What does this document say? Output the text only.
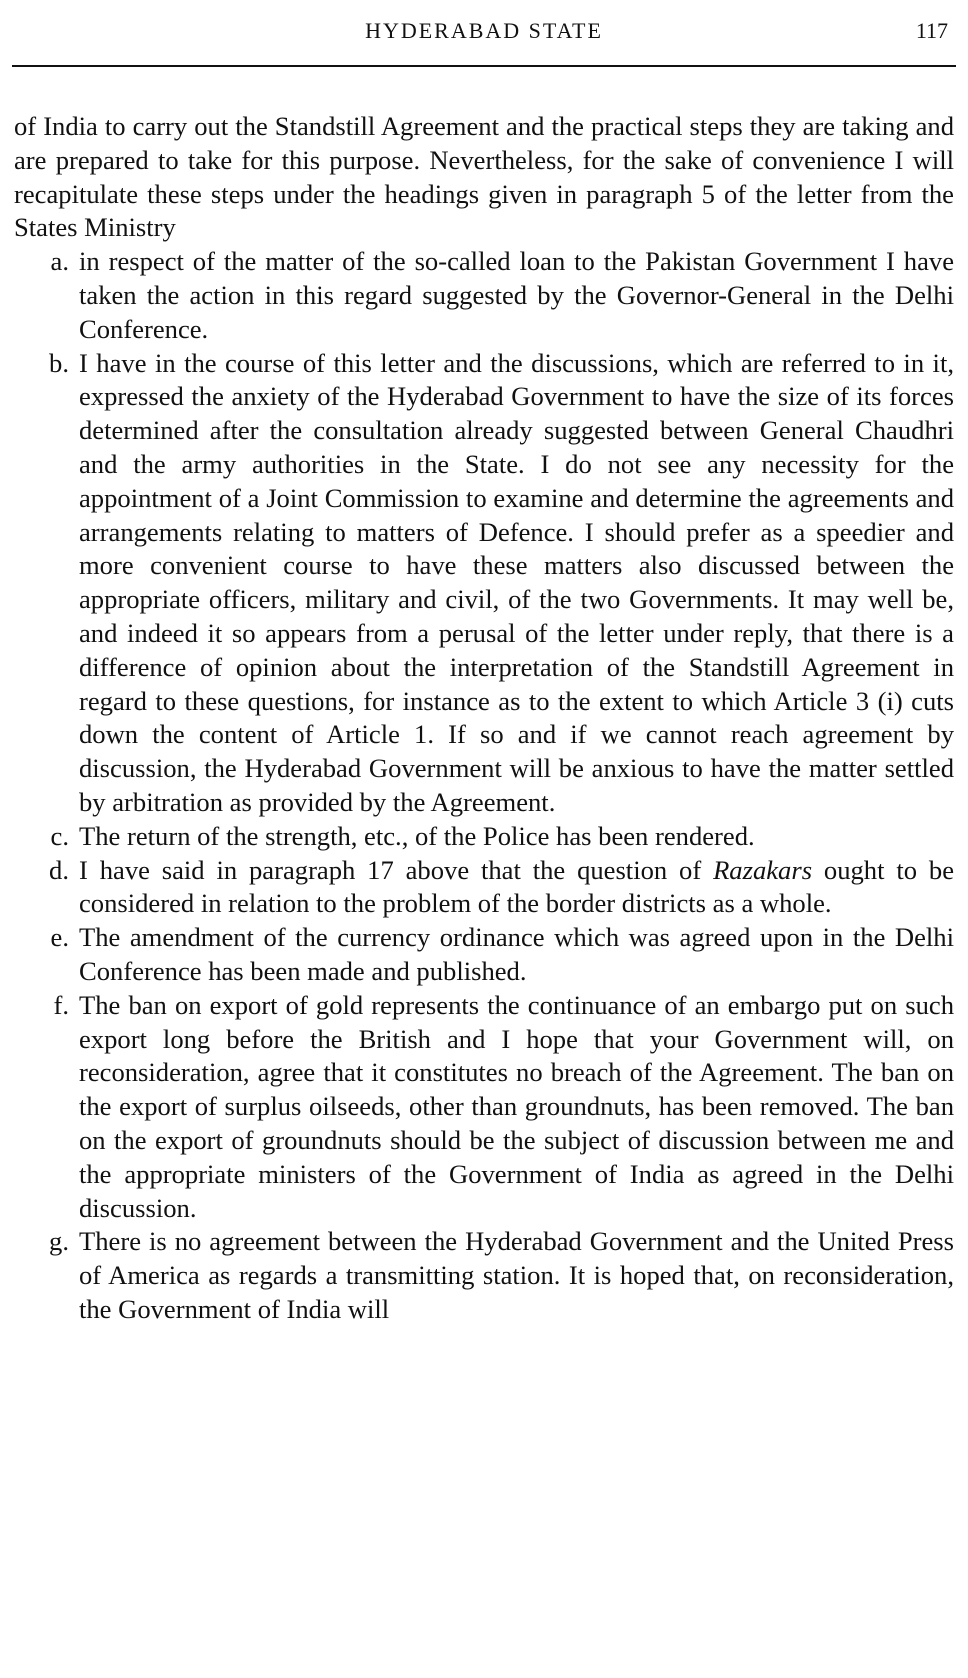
HYDERABAD STATE	117

of India to carry out the Standstill Agreement and the practical steps they are taking and are prepared to take for this purpose. Nevertheless, for the sake of convenience I will recapitulate these steps under the headings given in paragraph 5 of the letter from the States Ministry

a. in respect of the matter of the so-called loan to the Pakistan Government I have taken the action in this regard suggested by the Governor-General in the Delhi Conference.
b. I have in the course of this letter and the discussions, which are referred to in it, expressed the anxiety of the Hyderabad Government to have the size of its forces determined after the consultation already suggested between General Chaudhri and the army authorities in the State. I do not see any necessity for the appointment of a Joint Commission to examine and determine the agreements and arrangements relating to matters of Defence. I should prefer as a speedier and more convenient course to have these matters also discussed between the appropriate officers, military and civil, of the two Governments. It may well be, and indeed it so appears from a perusal of the letter under reply, that there is a difference of opinion about the interpretation of the Standstill Agreement in regard to these questions, for instance as to the extent to which Article 3 (i) cuts down the content of Article 1. If so and if we cannot reach agreement by discussion, the Hyderabad Government will be anxious to have the matter settled by arbitration as provided by the Agreement.
c. The return of the strength, etc., of the Police has been rendered.
d. I have said in paragraph 17 above that the question of Razakars ought to be considered in relation to the problem of the border districts as a whole.
e. The amendment of the currency ordinance which was agreed upon in the Delhi Conference has been made and published.
f. The ban on export of gold represents the continuance of an embargo put on such export long before the British and I hope that your Government will, on reconsideration, agree that it constitutes no breach of the Agreement. The ban on the export of surplus oilseeds, other than groundnuts, has been removed. The ban on the export of groundnuts should be the subject of discussion between me and the appropriate ministers of the Government of India as agreed in the Delhi discussion.
g. There is no agreement between the Hyderabad Government and the United Press of America as regards a transmitting station. It is hoped that, on reconsideration, the Government of India will
